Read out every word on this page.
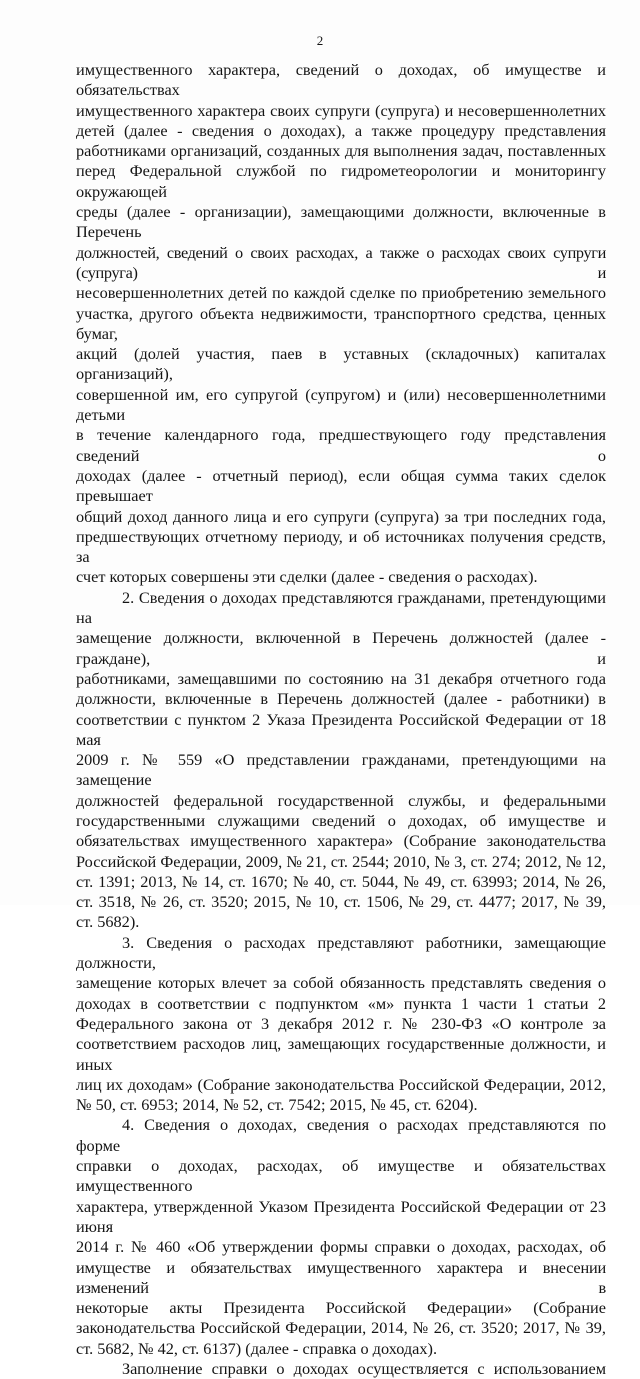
2

имущественного характера, сведений о доходах, об имуществе и обязательствах

имущественного характера своих супруги (супруга) и несовершеннолетних

детей (далее - сведения о доходах), а также процедуру представления

работниками организаций, созданных для выполнения задач, поставленных

перед Федеральной службой по гидрометеорологии и мониторингу окружающей

среды (далее - организации), замещающими должности, включенные в Перечень

должностей, сведений о своих расходах, а также о расходах своих супруги (супруга) и

несовершеннолетних детей по каждой сделке по приобретению земельного

участка, другого объекта недвижимости, транспортного средства, ценных бумаг,

акций (долей участия, паев в уставных (складочных) капиталах организаций),

совершенной им, его супругой (супругом) и (или) несовершеннолетними детьми

в течение календарного года, предшествующего году представления сведений о

доходах (далее - отчетный период), если общая сумма таких сделок превышает

общий доход данного лица и его супруги (супруга) за три последних года,

предшествующих отчетному периоду, и об источниках получения средств, за

счет которых совершены эти сделки (далее - сведения о расходах).

2. Сведения о доходах представляются гражданами, претендующими на

замещение должности, включенной в Перечень должностей (далее - граждане), и

работниками, замещавшими по состоянию на 31 декабря отчетного года

должности, включенные в Перечень должностей (далее - работники) в

соответствии с пунктом 2 Указа Президента Российской Федерации от 18 мая

2009 г. № 559 «О представлении гражданами, претендующими на замещение

должностей федеральной государственной службы, и федеральными

государственными служащими сведений о доходах, об имуществе и

обязательствах имущественного характера» (Собрание законодательства

Российской Федерации, 2009, № 21, ст. 2544; 2010, № 3, ст. 274; 2012, № 12,

ст. 1391; 2013, № 14, ст. 1670; № 40, ст. 5044, № 49, ст. 63993; 2014, № 26,

ст. 3518, № 26, ст. 3520; 2015, № 10, ст. 1506, № 29, ст. 4477; 2017, № 39,

ст. 5682).

3. Сведения о расходах представляют работники, замещающие должности,

замещение которых влечет за собой обязанность представлять сведения о

доходах в соответствии с подпунктом «м» пункта 1 части 1 статьи 2

Федерального закона от 3 декабря 2012 г. № 230-ФЗ «О контроле за

соответствием расходов лиц, замещающих государственные должности, и иных

лиц их доходам» (Собрание законодательства Российской Федерации, 2012,

№ 50, ст. 6953; 2014, № 52, ст. 7542; 2015, № 45, ст. 6204).

4. Сведения о доходах, сведения о расходах представляются по форме

справки о доходах, расходах, об имуществе и обязательствах имущественного

характера, утвержденной Указом Президента Российской Федерации от 23 июня

2014 г. № 460 «Об утверждении формы справки о доходах, расходах, об

имуществе и обязательствах имущественного характера и внесении изменений в

некоторые акты Президента Российской Федерации» (Собрание

законодательства Российской Федерации, 2014, № 26, ст. 3520; 2017, № 39,

ст. 5682, № 42, ст. 6137) (далее - справка о доходах).

Заполнение справки о доходах осуществляется с использованием
